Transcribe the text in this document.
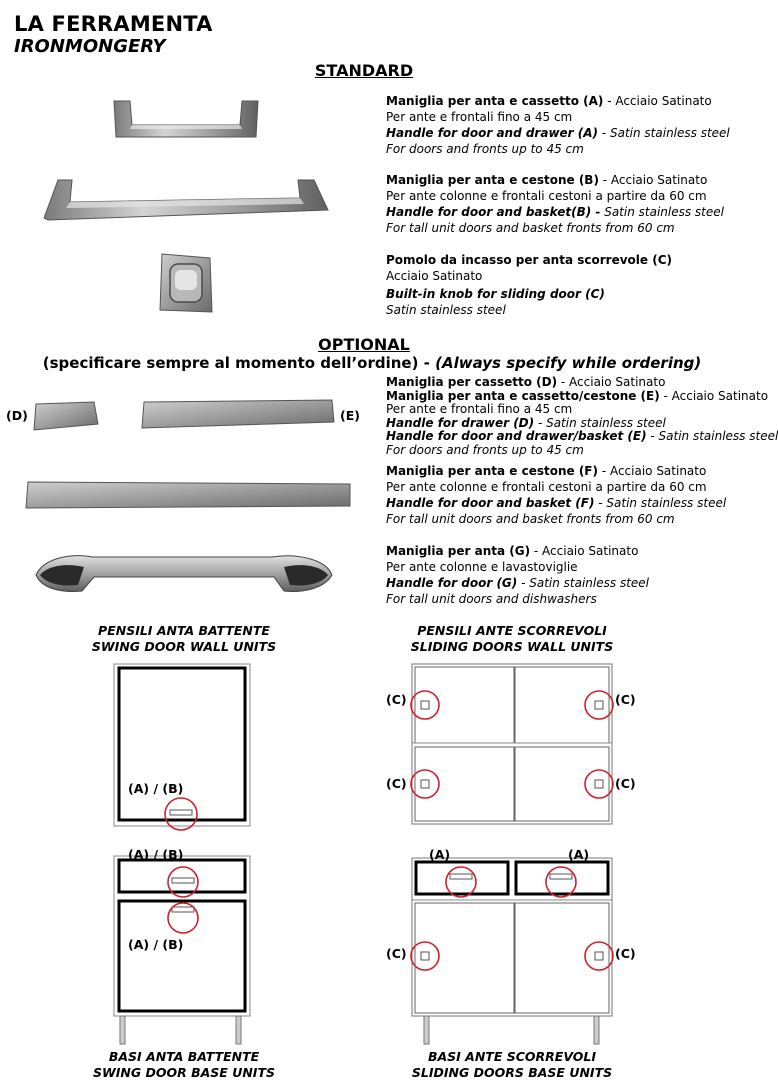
LA FERRAMENTA
IRONMONGERY
STANDARD
Maniglia per anta e cassetto (A) - Acciaio Satinato
Per ante e frontali fino a 45 cm
Handle for door and drawer (A) - Satin stainless steel
For doors and fronts up to 45 cm
Maniglia per anta e cestone (B) - Acciaio Satinato
Per ante colonne e frontali cestoni a partire da 60 cm
Handle for door and basket(B) - Satin stainless steel
For tall unit doors and basket fronts from 60 cm
Pomolo da incasso per anta scorrevole (C)
Acciaio Satinato
Built-in knob for sliding door (C)
Satin stainless steel
OPTIONAL
(specificare sempre al momento dell’ordine) - (Always specify while ordering)
(D)	(E)
Maniglia per cassetto (D) - Acciaio Satinato
Maniglia per anta e cassetto/cestone (E) - Acciaio Satinato
Per ante e frontali fino a 45 cm
Handle for drawer (D) - Satin stainless steel
Handle for door and drawer/basket (E) - Satin stainless steel
For doors and fronts up to 45 cm
Maniglia per anta e cestone (F) - Acciaio Satinato
Per ante colonne e frontali cestoni a partire da 60 cm
Handle for door and basket (F) - Satin stainless steel
For tall unit doors and basket fronts from 60 cm
Maniglia per anta (G) - Acciaio Satinato
Per ante colonne e lavastoviglie
Handle for door (G) - Satin stainless steel
For tall unit doors and dishwashers
PENSILI ANTA BATTENTE
SWING DOOR WALL UNITS
PENSILI ANTE SCORREVOLI
SLIDING DOORS WALL UNITS
(A) / (B)
(C)	(C)
(C)	(C)
(A) / (B)
(A) / (B)
(A)	(A)
(C)	(C)
BASI ANTA BATTENTE
SWING DOOR BASE UNITS
BASI ANTE SCORREVOLI
SLIDING DOORS BASE UNITS
